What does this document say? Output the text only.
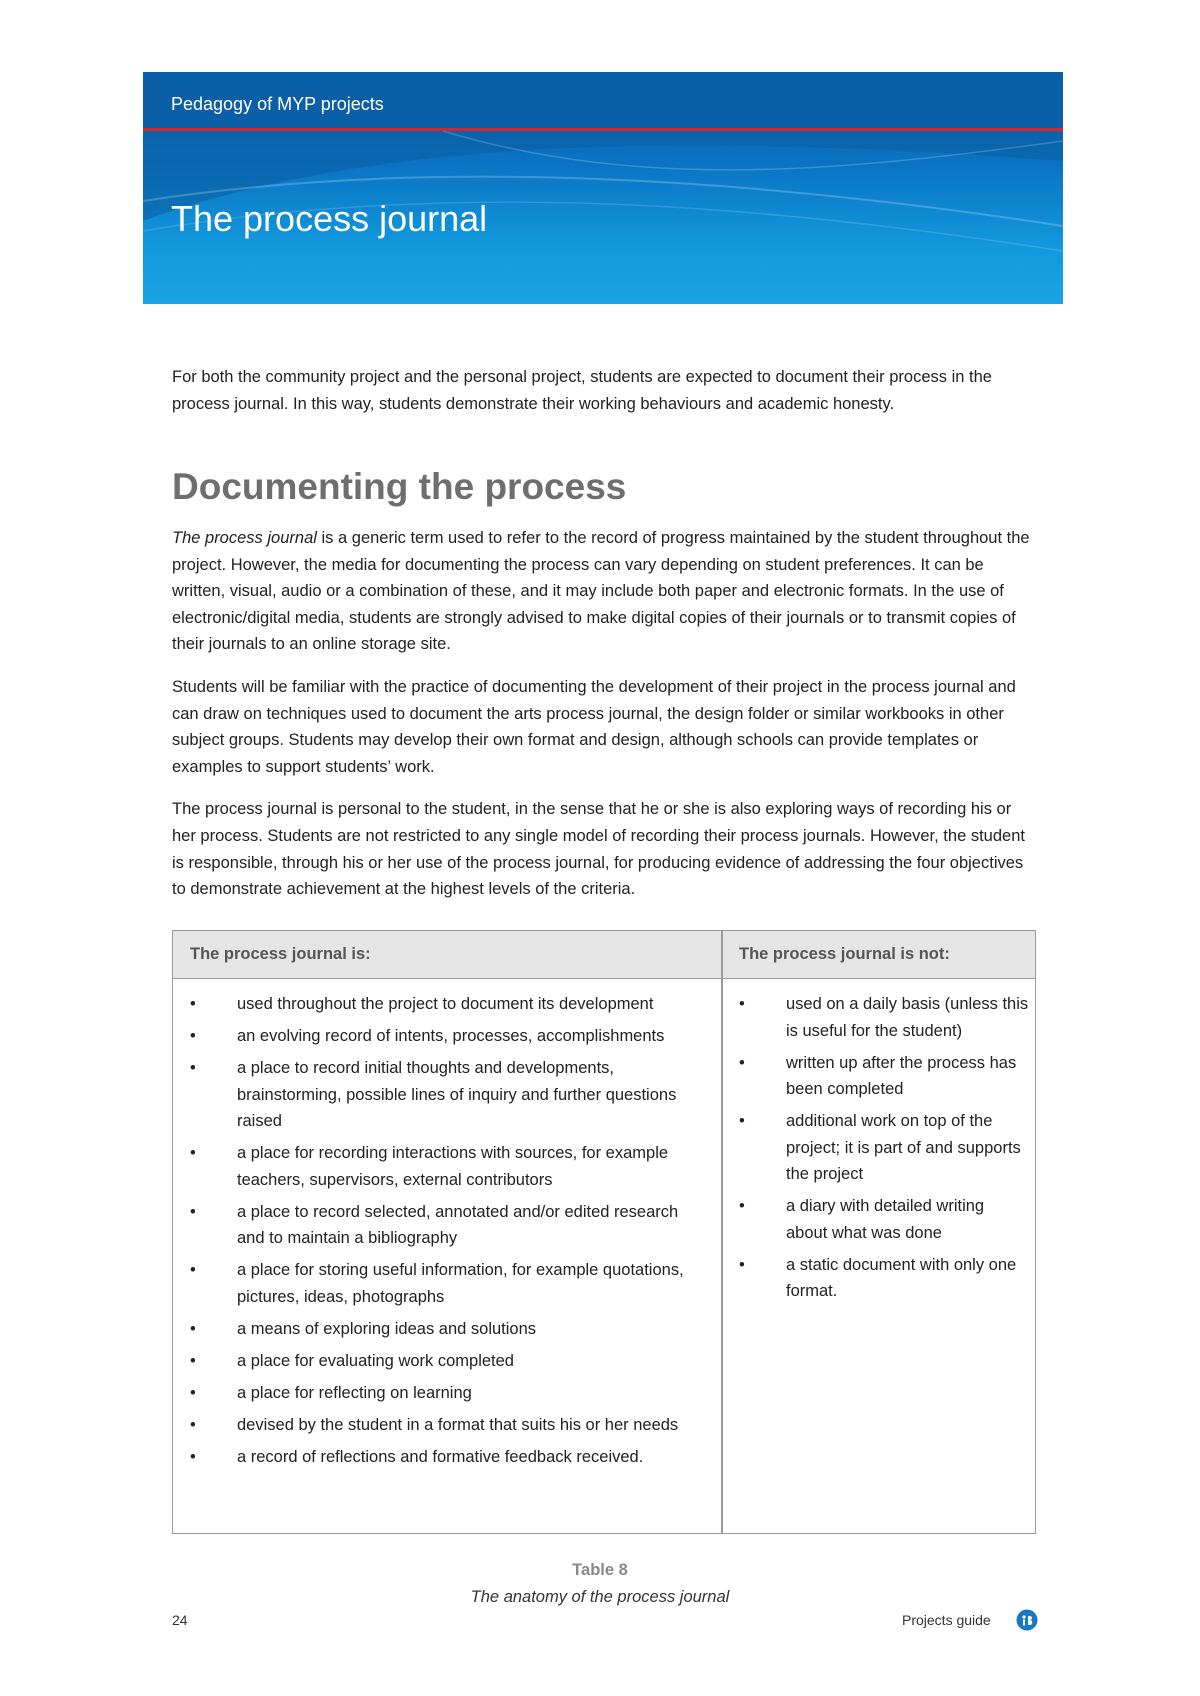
Pedagogy of MYP projects
The process journal

For both the community project and the personal project, students are expected to document their process in the process journal. In this way, students demonstrate their working behaviours and academic honesty.

Documenting the process

The process journal is a generic term used to refer to the record of progress maintained by the student throughout the project. However, the media for documenting the process can vary depending on student preferences. It can be written, visual, audio or a combination of these, and it may include both paper and electronic formats. In the use of electronic/digital media, students are strongly advised to make digital copies of their journals or to transmit copies of their journals to an online storage site.

Students will be familiar with the practice of documenting the development of their project in the process journal and can draw on techniques used to document the arts process journal, the design folder or similar workbooks in other subject groups. Students may develop their own format and design, although schools can provide templates or examples to support students’ work.

The process journal is personal to the student, in the sense that he or she is also exploring ways of recording his or her process. Students are not restricted to any single model of recording their process journals. However, the student is responsible, through his or her use of the process journal, for producing evidence of addressing the four objectives to demonstrate achievement at the highest levels of the criteria.

The process journal is:	The process journal is not:
• used throughout the project to document its development
• an evolving record of intents, processes, accomplishments
• a place to record initial thoughts and developments, brainstorming, possible lines of inquiry and further questions raised
• a place for recording interactions with sources, for example teachers, supervisors, external contributors
• a place to record selected, annotated and/or edited research and to maintain a bibliography
• a place for storing useful information, for example quotations, pictures, ideas, photographs
• a means of exploring ideas and solutions
• a place for evaluating work completed
• a place for reflecting on learning
• devised by the student in a format that suits his or her needs
• a record of reflections and formative feedback received.
• used on a daily basis (unless this is useful for the student)
• written up after the process has been completed
• additional work on top of the project; it is part of and supports the project
• a diary with detailed writing about what was done
• a static document with only one format.
Table 8
The anatomy of the process journal
24	Projects guide
